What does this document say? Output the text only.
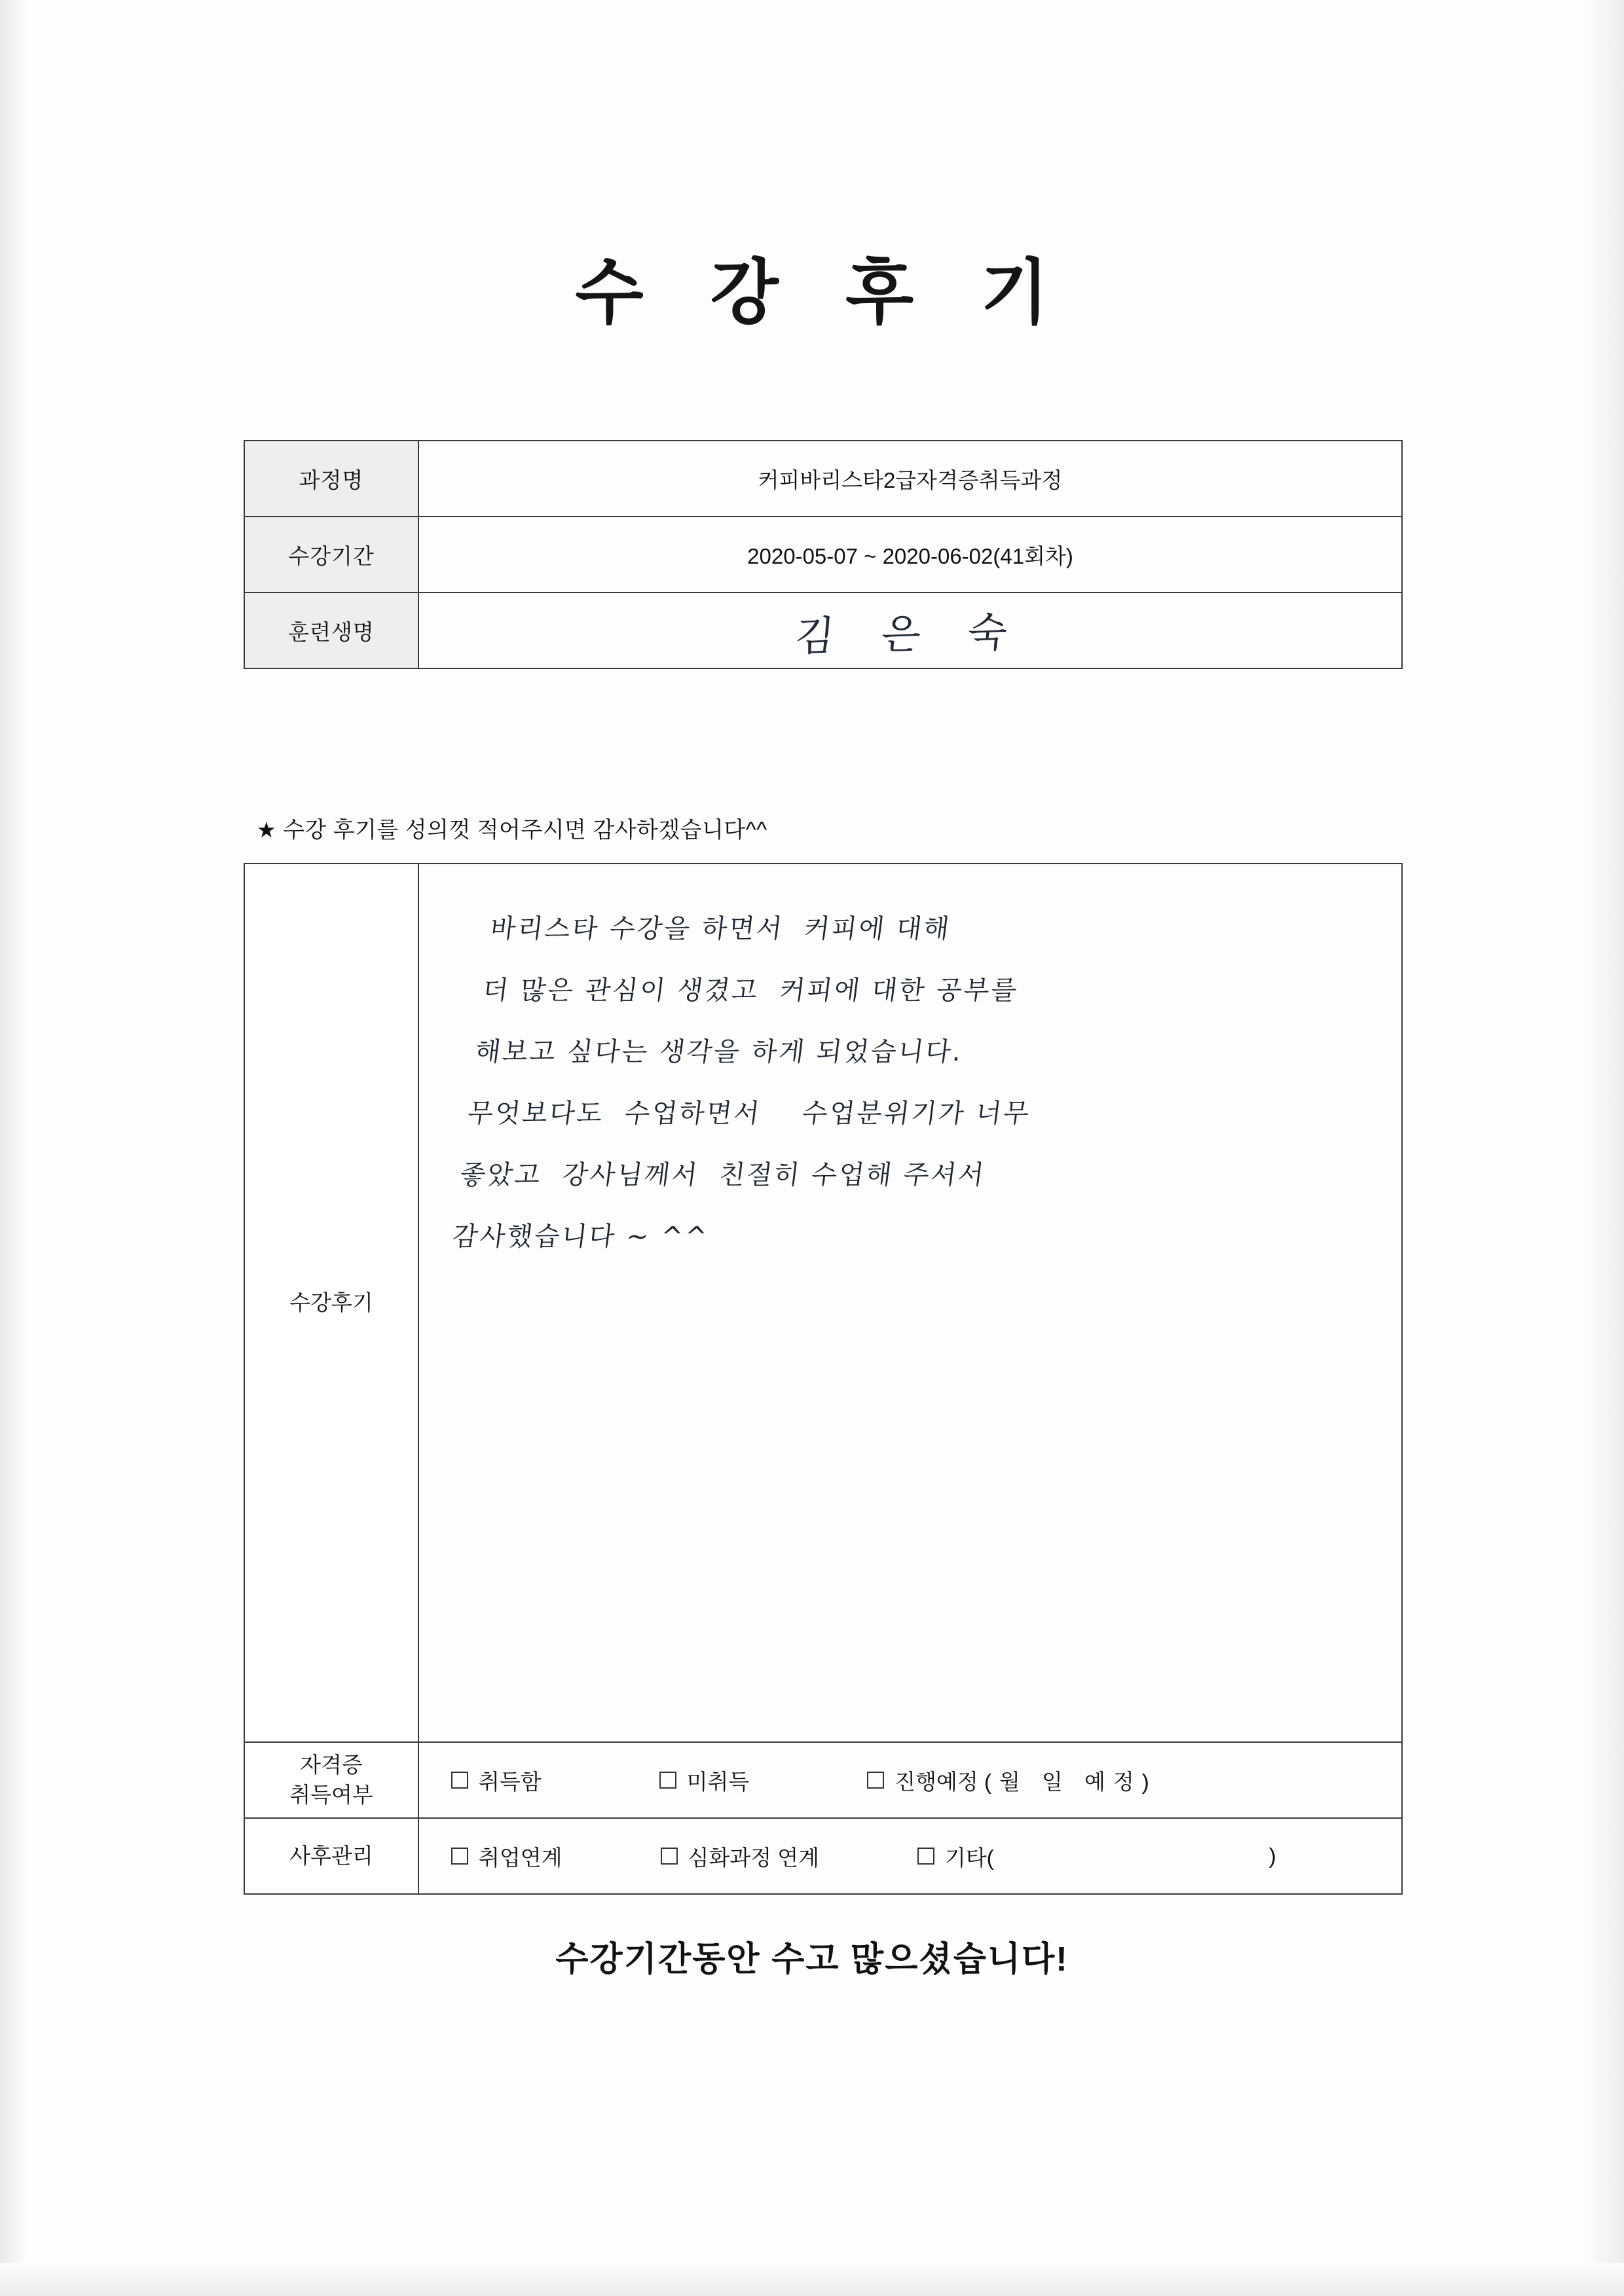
수 강 후 기
과정명	커피바리스타2급자격증취득과정
수강기간	2020-05-07 ~ 2020-06-02(41회차)
훈련생명	김 은 숙
★ 수강 후기를 성의껏 적어주시면 감사하겠습니다^^
수강후기	
바리스타 수강을 하면서  커피에 대해
더 많은 관심이 생겼고  커피에 대한 공부를
해보고 싶다는 생각을 하게 되었습니다.
무엇보다도  수업하면서    수업분위기가 너무
좋았고  강사님께서  친절히 수업해 주셔서
감사했습니다 ~ ^^

자격증
취득여부	취득함 미취득 진행예정 ( 월 일 예정)

사후관리	취업연계 심화과정 연계 기타( )
수강기간동안 수고 많으셨습니다!
